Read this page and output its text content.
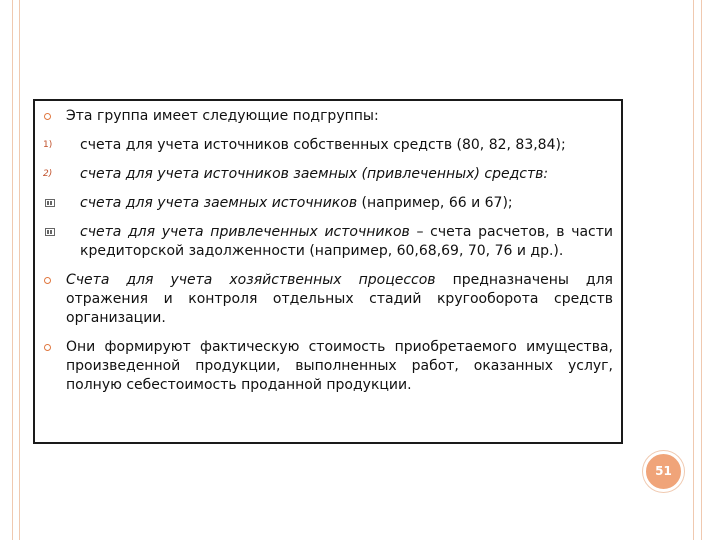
Эта группа имеет следующие подгруппы:
1) счета для учета источников собственных средств (80, 82, 83,84);
2) счета для учета источников заемных (привлеченных) средств:
счета для учета заемных источников (например, 66 и 67);
счета для учета привлеченных источников – счета расчетов, в части кредиторской задолженности (например, 60,68,69, 70, 76 и др.).
Счета для учета хозяйственных процессов предназначены для отражения и контроля отдельных стадий кругооборота средств организации.
Они формируют фактическую стоимость приобретаемого имущества, произведенной продукции, выполненных работ, оказанных услуг, полную себестоимость проданной продукции.
51
